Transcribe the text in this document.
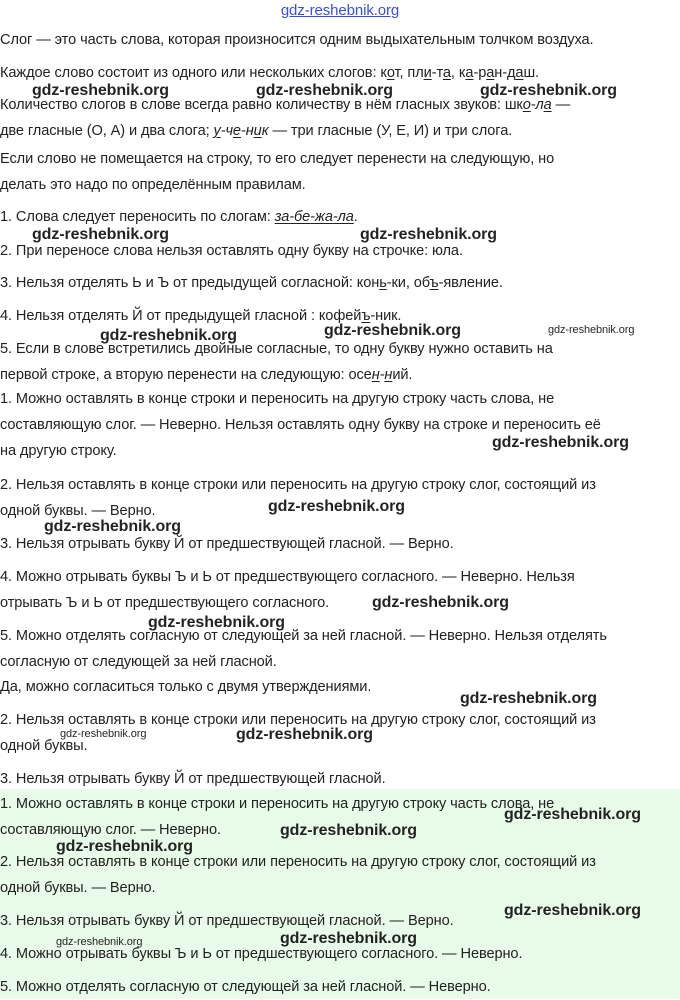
gdz-reshebnik.org
Слог — это часть слова, которая произносится одним выдыхательным толчком воздуха.
Каждое слово состоит из одного или нескольких слогов: кот, пли-та, ка-ран-даш.
Количество слогов в слове всегда равно количеству в нём гласных звуков: шко-ла —
две гласные (О, А) и два слога; у-че-ник — три гласные (У, Е, И) и три слога.
Если слово не помещается на строку, то его следует перенести на следующую, но
делать это надо по определённым правилам.
1. Слова следует переносить по слогам: за-бе-жа-ла.
2. При переносе слова нельзя оставлять одну букву на строчке: юла.
3. Нельзя отделять Ь и Ъ от предыдущей согласной: конь-ки, объ-явление.
4. Нельзя отделять Й от предыдущей гласной : кофейъ-ник.
5. Если в слове встретились двойные согласные, то одну букву нужно оставить на
первой строке, а вторую перенести на следующую: осен-ний.
1. Можно оставлять в конце строки и переносить на другую строку часть слова, не
составляющую слог. — Неверно. Нельзя оставлять одну букву на строке и переносить её
на другую строку.
2. Нельзя оставлять в конце строки или переносить на другую строку слог, состоящий из
одной буквы. — Верно.
3. Нельзя отрывать букву Й от предшествующей гласной. — Верно.
4. Можно отрывать буквы Ъ и Ь от предшествующего согласного. — Неверно. Нельзя
отрывать Ъ и Ь от предшествующего согласного.
5. Можно отделять согласную от следующей за ней гласной. — Неверно. Нельзя отделять
согласную от следующей за ней гласной.
Да, можно согласиться только с двумя утверждениями.
2. Нельзя оставлять в конце строки или переносить на другую строку слог, состоящий из
одной буквы.
3. Нельзя отрывать букву Й от предшествующей гласной.
1. Можно оставлять в конце строки и переносить на другую строку часть слова, не
составляющую слог. — Неверно.
2. Нельзя оставлять в конце строки или переносить на другую строку слог, состоящий из
одной буквы. — Верно.
3. Нельзя отрывать букву Й от предшествующей гласной. — Верно.
4. Можно отрывать буквы Ъ и Ь от предшествующего согласного. — Неверно.
5. Можно отделять согласную от следующей за ней гласной. — Неверно.
gdz-reshebnik.org	gdz-reshebnik.org	gdz-reshebnik.org
gdz-reshebnik.org	gdz-reshebnik.org
gdz-reshebnik.org	gdz-reshebnik.org	gdz-reshebnik.org
gdz-reshebnik.org
gdz-reshebnik.org
gdz-reshebnik.org
gdz-reshebnik.org
gdz-reshebnik.org
gdz-reshebnik.org
gdz-reshebnik.org	gdz-reshebnik.org
gdz-reshebnik.org
gdz-reshebnik.org
gdz-reshebnik.org
gdz-reshebnik.org
gdz-reshebnik.org
gdz-reshebnik.org
